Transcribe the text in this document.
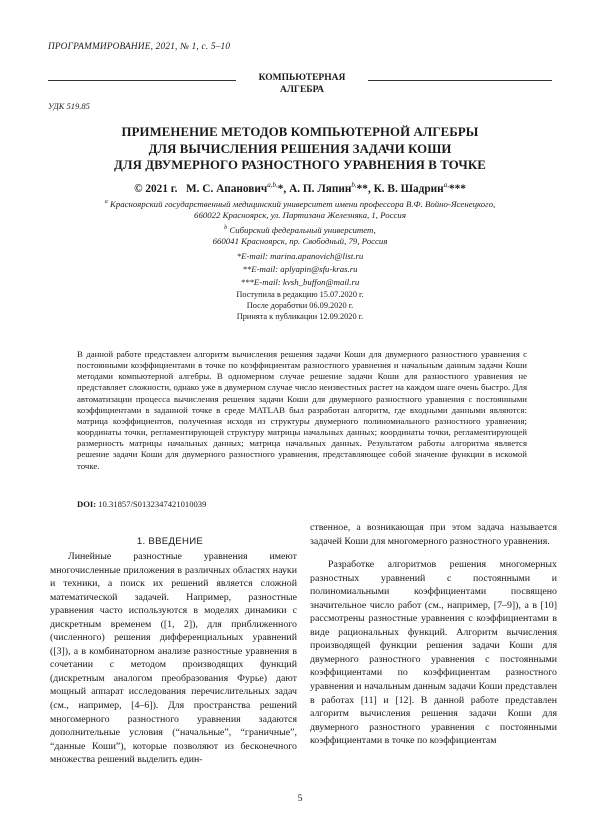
ПРОГРАММИРОВАНИЕ, 2021, № 1, с. 5–10
КОМПЬЮТЕРНАЯ
АЛГЕБРА
УДК 519.85
ПРИМЕНЕНИЕ МЕТОДОВ КОМПЬЮТЕРНОЙ АЛГЕБРЫ
ДЛЯ ВЫЧИСЛЕНИЯ РЕШЕНИЯ ЗАДАЧИ КОШИ
ДЛЯ ДВУМЕРНОГО РАЗНОСТНОГО УРАВНЕНИЯ В ТОЧКЕ
© 2021 г. М. С. Апанович$^{a,b,}$*, А. П. Ляпин$^{b,}$**, К. В. Шадрин$^{a,}$***
$^a$ Красноярский государственный медицинский университет имени профессора В.Ф. Войно-Ясенецкого,
660022 Красноярск, ул. Партизана Железняка, 1, Россия
$^b$ Сибирский федеральный университет,
660041 Красноярск, пр. Свободный, 79, Россия
*E-mail: marina.apanovich@list.ru
**E-mail: aplyapin@sfu-kras.ru
***E-mail: kvsh_buffon@mail.ru
Поступила в редакцию 15.07.2020 г.
После доработки 06.09.2020 г.
Принята к публикации 12.09.2020 г.
В данной работе представлен алгоритм вычисления решения задачи Коши для двумерного разностного уравнения с постоянными коэффициентами в точке по коэффициентам разностного уравнения и начальным данным задачи Коши методами компьютерной алгебры. В одномерном случае решение задачи Коши для разностного уравнения не представляет сложности, однако уже в двумерном случае число неизвестных растет на каждом шаге очень быстро. Для автоматизации процесса вычисления решения задачи Коши для двумерного разностного уравнения с постоянными коэффициентами в заданной точке в среде MATLAB был разработан алгоритм, где входными данными являются: матрица коэффициентов, полученная исходя из структуры двумерного полиномиального разностного уравнения; координаты точки, регламентирующей структуру матрицы начальных данных; координаты точки, регламентирующей размерность матрицы начальных данных; матрица начальных данных. Результатом работы алгоритма является решение задачи Коши для двумерного разностного уравнения, представляющее собой значение функции в искомой точке.
DOI: 10.31857/S0132347421010039
1. ВВЕДЕНИЕ

Линейные разностные уравнения имеют многочисленные приложения в различных областях науки и техники, а поиск их решений является сложной математической задачей. Например, разностные уравнения часто используются в моделях динамики с дискретным временем ([1, 2]), для приближенного (численного) решения дифференциальных уравнений ([3]), а в комбинаторном анализе разностные уравнения в сочетании с методом производящих функций (дискретным аналогом преобразования Фурье) дают мощный аппарат исследования перечислительных задач (см., например, [4–6]). Для пространства решений многомерного разностного уравнения задаются дополнительные условия (“начальные”, “граничные”, “данные Коши”), которые позволяют из бесконечного множества решений выделить един-

ственное, а возникающая при этом задача называется задачей Коши для многомерного разностного уравнения.

Разработке алгоритмов решения многомерных разностных уравнений с постоянными и полиномиальными коэффициентами посвящено значительное число работ (см., например, [7–9]), а в [10] рассмотрены разностные уравнения с коэффициентами в виде рациональных функций. Алгоритм вычисления производящей функции решения задачи Коши для двумерного разностного уравнения с постоянными коэффициентами по коэффициентам разностного уравнения и начальным данным задачи Коши представлен в работах [11] и [12]. В данной работе представлен алгоритм вычисления решения задачи Коши для двумерного разностного уравнения с постоянными коэффициентами в точке по коэффициентам

5
